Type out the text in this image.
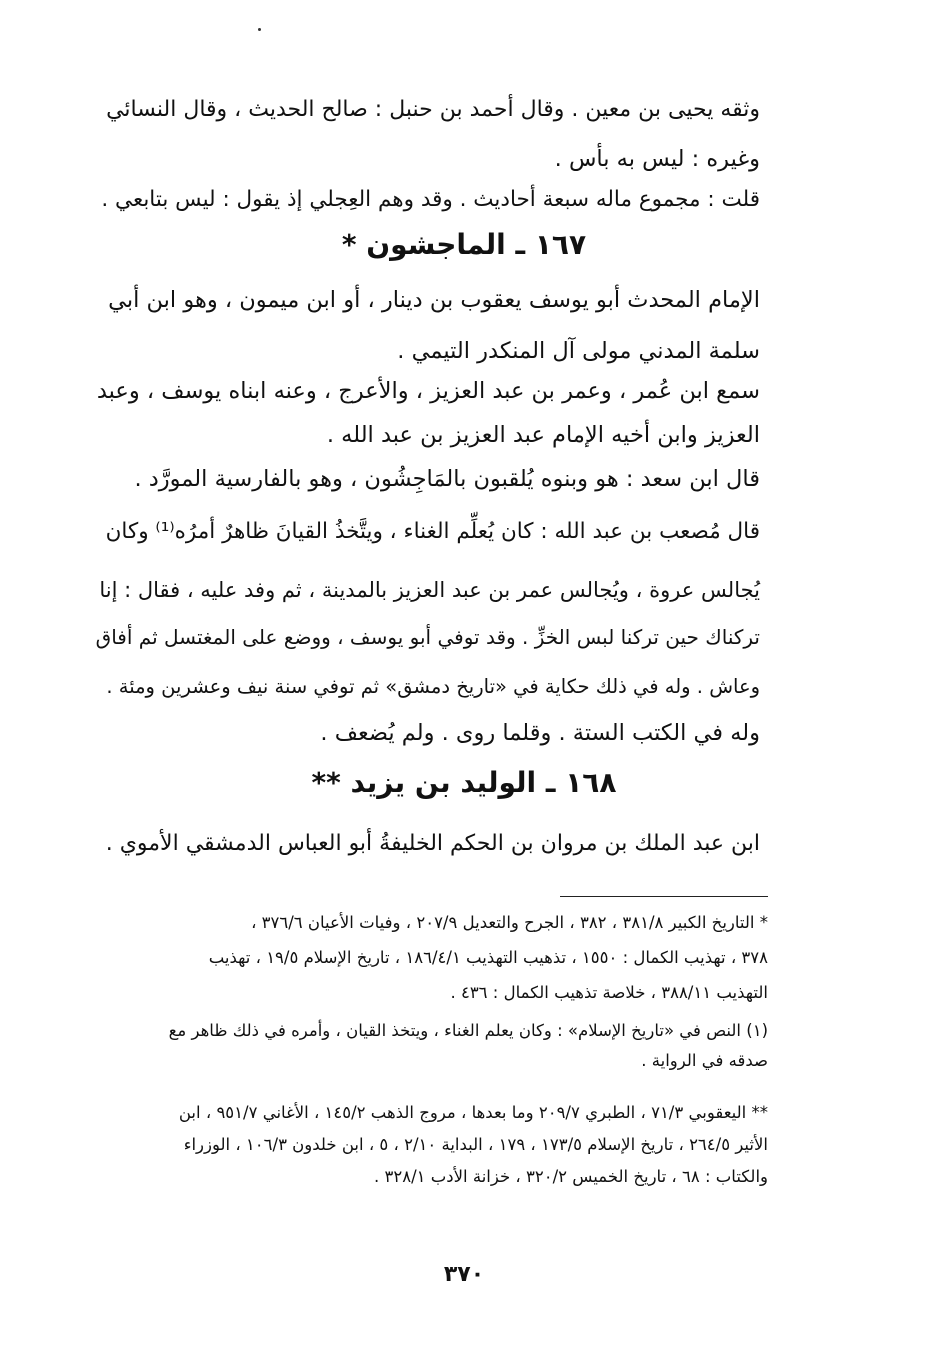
وثقه يحيى بن معين . وقال أحمد بن حنبل : صالح الحديث ، وقال النسائي
وغيره : ليس به بأس .
قلت : مجموع ماله سبعة أحاديث . وقد وهم العِجلي إذ يقول : ليس بتابعي .
١٦٧ ـ الماجشون *
الإمام المحدث أبو يوسف يعقوب بن دينار ، أو ابن ميمون ، وهو ابن أبي
سلمة المدني مولى آل المنكدر التيمي .
سمع ابن عُمر ، وعمر بن عبد العزيز ، والأعرج ، وعنه ابناه يوسف ، وعبد
العزيز وابن أخيه الإمام عبد العزيز بن عبد الله .
قال ابن سعد : هو وبنوه يُلقبون بالمَاجِشُون ، وهو بالفارسية المورَّد .
قال مُصعب بن عبد الله : كان يُعلِّم الغناء ، ويتَّخذُ القيانَ ظاهرٌ أمرُه⁽¹⁾ وكان
يُجالس عروة ، ويُجالس عمر بن عبد العزيز بالمدينة ، ثم وفد عليه ، فقال : إنا
تركناك حين تركنا لبس الخزِّ . وقد توفي أبو يوسف ، ووضع على المغتسل ثم أفاق
وعاش . وله في ذلك حكاية في «تاريخ دمشق» ثم توفي سنة نيف وعشرين ومئة .
وله في الكتب الستة . وقلما روى . ولم يُضعف .
١٦٨ ـ الوليد بن يزيد **
ابن عبد الملك بن مروان بن الحكم الخليفةُ أبو العباس الدمشقي الأموي .
* التاريخ الكبير ٣٨١/٨ ، ٣٨٢ ، الجرح والتعديل ٢٠٧/٩ ، وفيات الأعيان ٣٧٦/٦ ،
٣٧٨ ، تهذيب الكمال : ١٥٥٠ ، تذهيب التهذيب ١٨٦/٤/١ ، تاريخ الإسلام ١٩/٥ ، تهذيب
التهذيب ٣٨٨/١١ ، خلاصة تذهيب الكمال : ٤٣٦ .
(١) النص في «تاريخ الإسلام» : وكان يعلم الغناء ، ويتخذ القيان ، وأمره في ذلك ظاهر مع
صدقه في الرواية .
** اليعقوبي ٧١/٣ ، الطبري ٢٠٩/٧ وما بعدها ، مروج الذهب ١٤٥/٢ ، الأغاني ٩٥١/٧ ، ابن
الأثير ٢٦٤/٥ ، تاريخ الإسلام ١٧٣/٥ ، ١٧٩ ، البداية ٢/١٠ ، ٥ ، ابن خلدون ١٠٦/٣ ، الوزراء
والكتاب : ٦٨ ، تاريخ الخميس ٣٢٠/٢ ، خزانة الأدب ٣٢٨/١ .
٣٧٠
